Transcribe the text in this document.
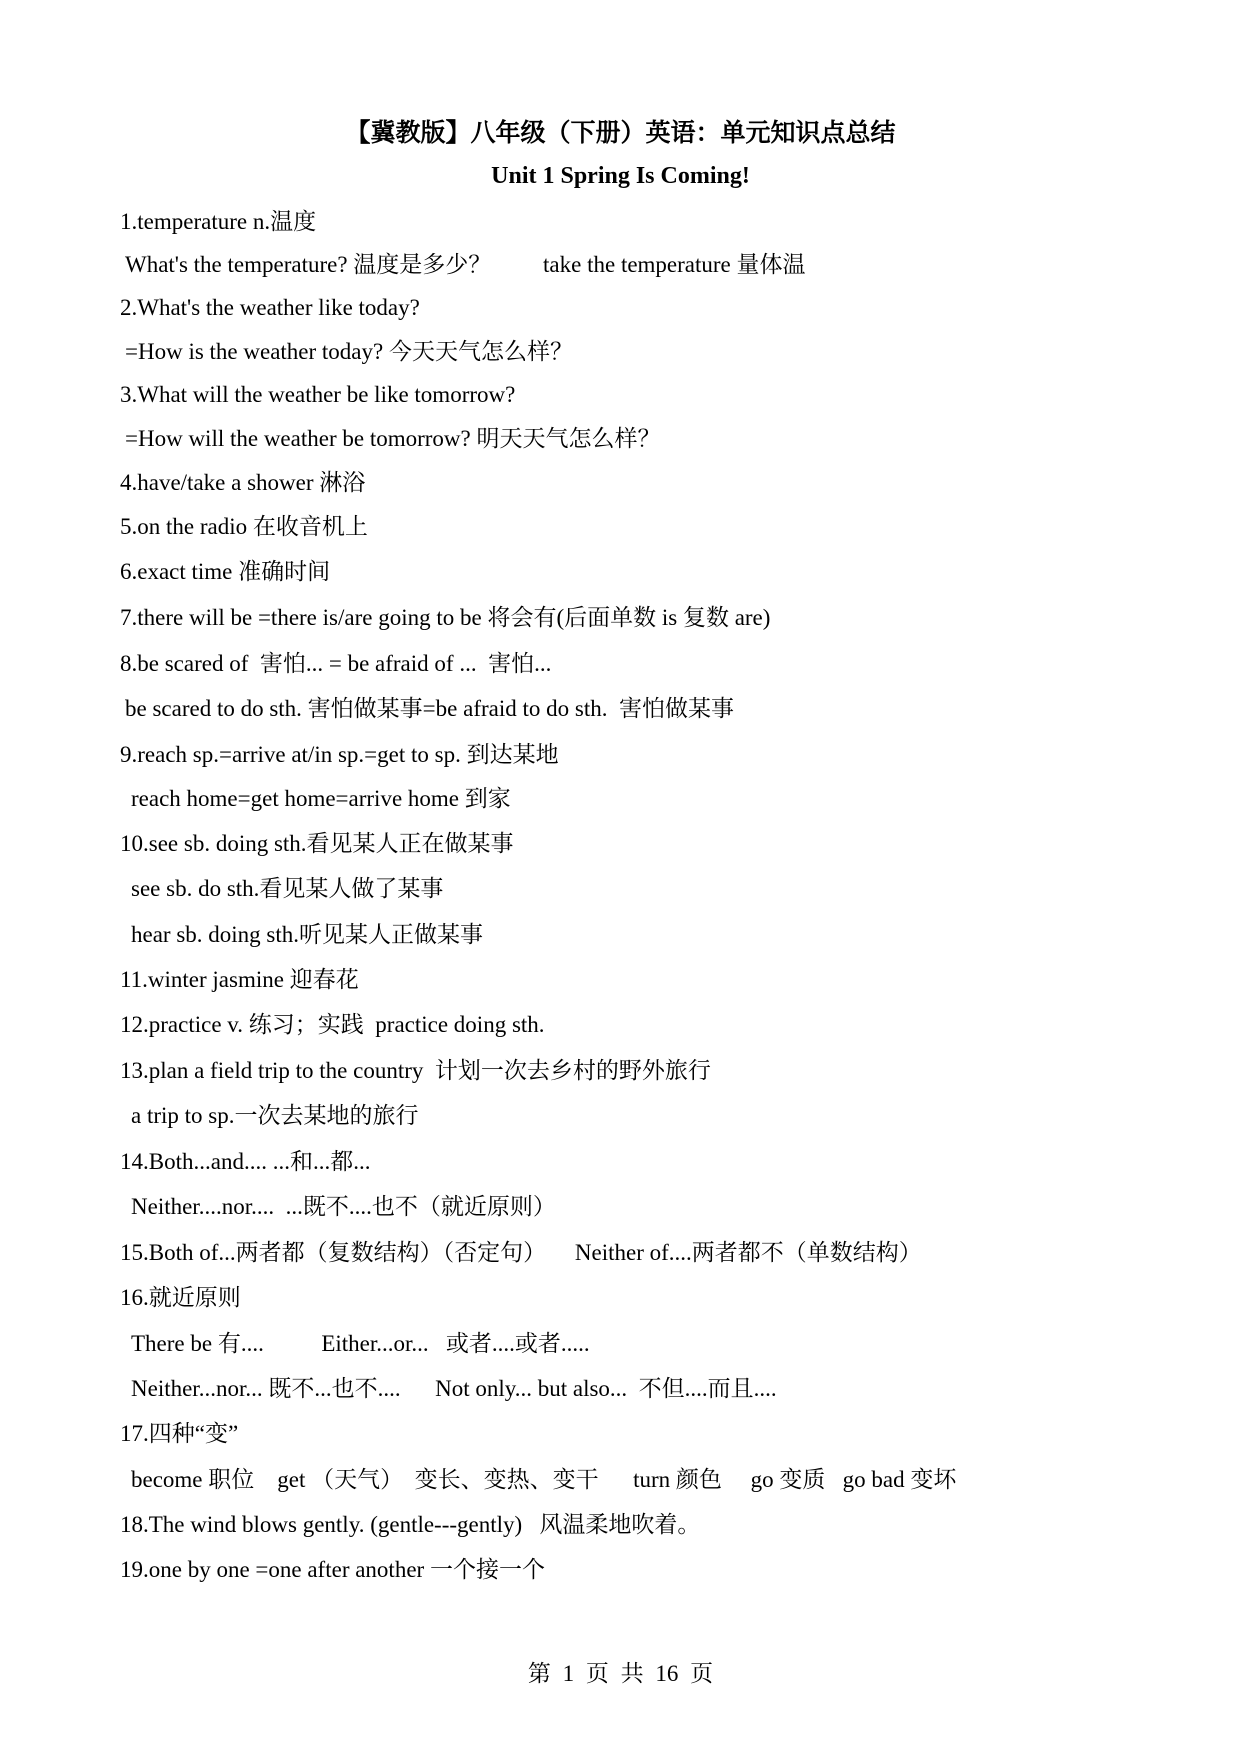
【冀教版】八年级（下册）英语：单元知识点总结
Unit 1 Spring Is Coming!
1.temperature n.温度
What's the temperature? 温度是多少？         take the temperature 量体温
2.What's the weather like today?
=How is the weather today? 今天天气怎么样？
3.What will the weather be like tomorrow?
=How will the weather be tomorrow? 明天天气怎么样？
4.have/take a shower 淋浴
5.on the radio 在收音机上
6.exact time 准确时间
7.there will be =there is/are going to be 将会有(后面单数 is 复数 are)
8.be scared of  害怕... = be afraid of ...  害怕...
be scared to do sth. 害怕做某事=be afraid to do sth.  害怕做某事
9.reach sp.=arrive at/in sp.=get to sp. 到达某地
reach home=get home=arrive home 到家
10.see sb. doing sth.看见某人正在做某事
see sb. do sth.看见某人做了某事
hear sb. doing sth.听见某人正做某事
11.winter jasmine 迎春花
12.practice v. 练习；实践  practice doing sth.
13.plan a field trip to the country  计划一次去乡村的野外旅行
a trip to sp.一次去某地的旅行
14.Both...and.... ...和...都...
Neither....nor....  ...既不....也不（就近原则）
15.Both of...两者都（复数结构）（否定句）     Neither of....两者都不（单数结构）
16.就近原则
There be 有....          Either...or...   或者....或者.....
Neither...nor... 既不...也不....      Not only... but also...  不但....而且....
17.四种“变”
become 职位    get （天气）  变长、变热、变干      turn 颜色     go 变质   go bad 变坏
18.The wind blows gently. (gentle---gently)   风温柔地吹着。
19.one by one =one after another 一个接一个
第 1 页 共 16 页
